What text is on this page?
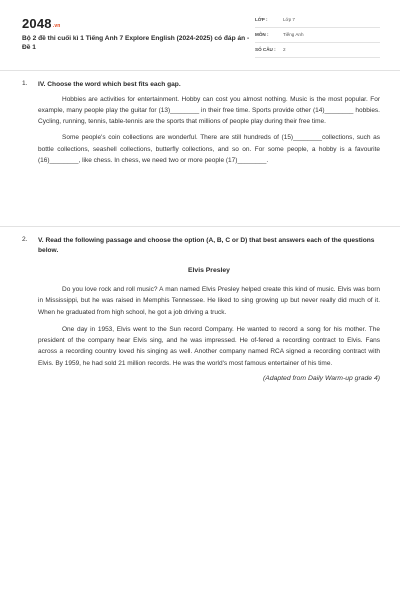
2048.vn
Bộ 2 đề thi cuối kì 1 Tiếng Anh 7 Explore English (2024-2025) có đáp án - Đề 1
LỚP :	Lớp 7
MÔN :	Tiếng Anh
SỐ CÂU : 2
1. IV. Choose the word which best fits each gap.

Hobbies are activities for entertainment. Hobby can cost you almost nothing. Music is the most popular. For example, many people play the guitar for (13)________ in their free time. Sports provide other (14)________ hobbies. Cycling, running, tennis, table-tennis are the sports that millions of people play during their free time.

Some people's coin collections are wonderful. There are still hundreds of (15)________collections, such as bottle collections, seashell collections, butterfly collections, and so on. For some people, a hobby is a favourite (16)________, like chess. In chess, we need two or more people (17)________.

2. V. Read the following passage and choose the option (A, B, C or D) that best answers each of the questions below.
Elvis Presley

Do you love rock and roll music? A man named Elvis Presley helped create this kind of music. Elvis was born in Mississippi, but he was raised in Memphis Tennessee. He liked to sing growing up but never really did much of it. When he graduated from high school, he got a job driving a truck.

One day in 1953, Elvis went to the Sun record Company. He wanted to record a song for his mother. The president of the company hear Elvis sing, and he was impressed. He of-fered a recording contract to Elvis. Fans across a recording country loved his singing as well. Another company named RCA signed a recording contract with Elvis. By 1959, he had sold 21 million records. He was the world's most famous entertainer of his time.

(Adapted from Daily Warm-up grade 4)
